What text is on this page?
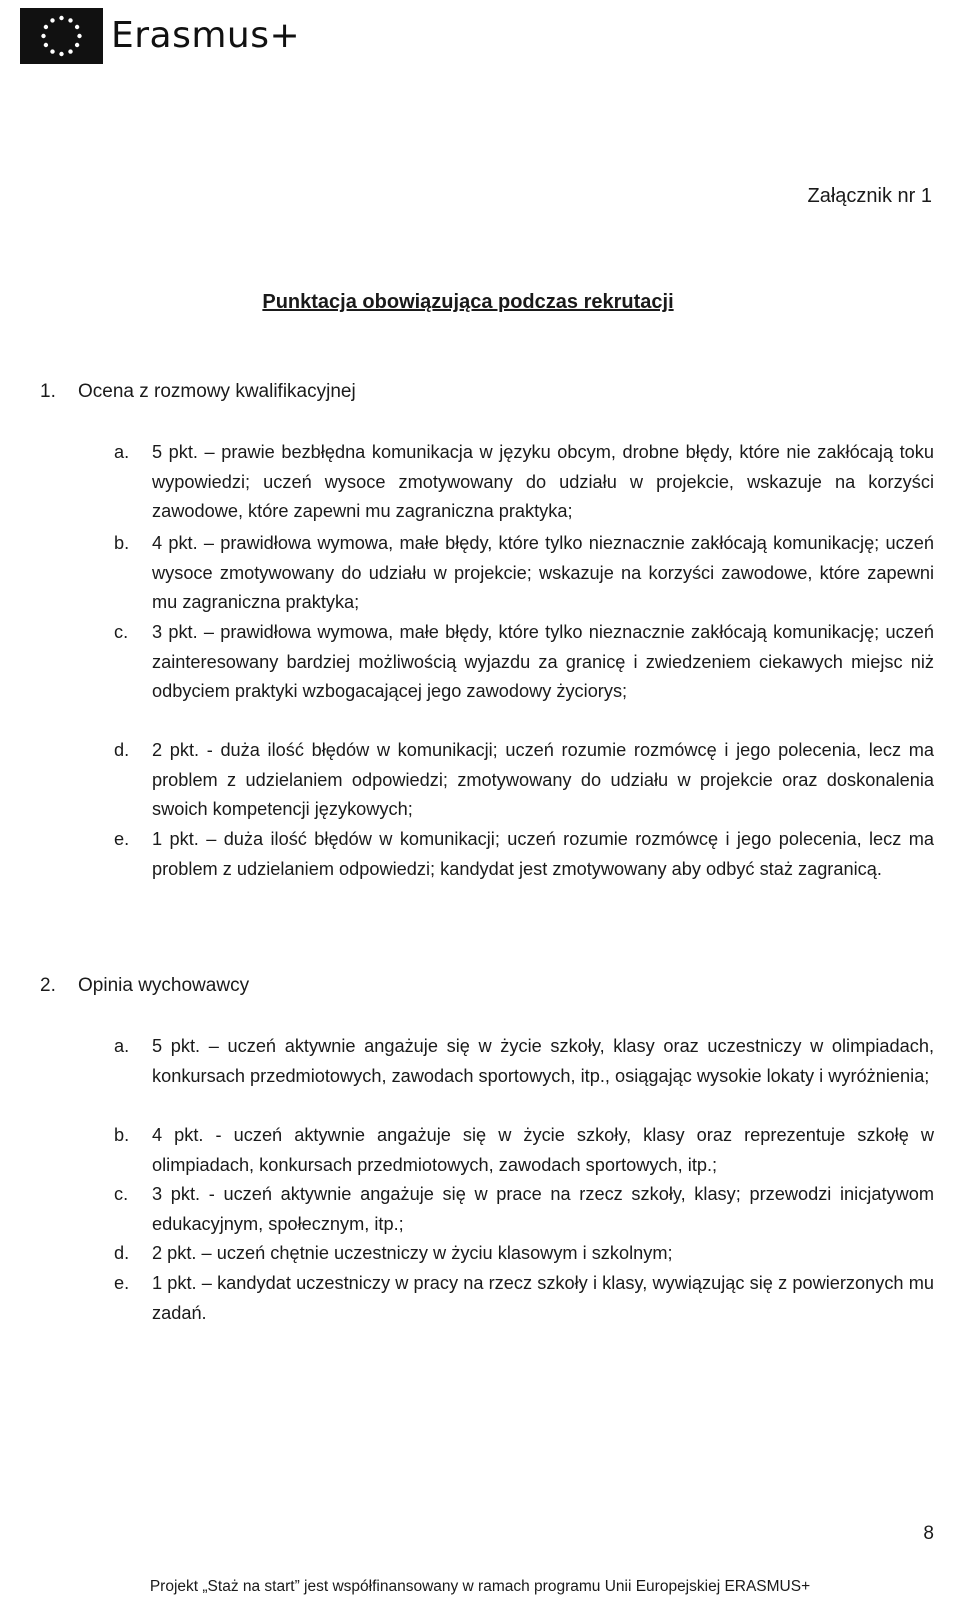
Erasmus+
Załącznik nr 1
Punktacja obowiązująca podczas rekrutacji
1. Ocena z rozmowy kwalifikacyjnej
a.	5 pkt. – prawie bezbłędna komunikacja w języku obcym, drobne błędy, które nie zakłócają toku wypowiedzi; uczeń wysoce zmotywowany do udziału w projekcie, wskazuje na korzyści zawodowe, które zapewni mu zagraniczna praktyka;
b.	4 pkt. – prawidłowa wymowa, małe błędy, które tylko nieznacznie zakłócają komunikację; uczeń wysoce zmotywowany do udziału w projekcie; wskazuje na korzyści zawodowe, które zapewni mu zagraniczna praktyka;
c.	3 pkt. – prawidłowa wymowa, małe błędy, które tylko nieznacznie zakłócają komunikację; uczeń zainteresowany bardziej możliwością wyjazdu za granicę i zwiedzeniem ciekawych miejsc niż odbyciem praktyki wzbogacającej jego zawodowy życiorys;
d.	2 pkt. - duża ilość błędów w komunikacji; uczeń rozumie rozmówcę i jego polecenia, lecz ma problem z udzielaniem odpowiedzi; zmotywowany do udziału w projekcie oraz doskonalenia swoich kompetencji językowych;
e.	1 pkt. – duża ilość błędów w komunikacji; uczeń rozumie rozmówcę i jego polecenia, lecz ma problem z udzielaniem odpowiedzi; kandydat jest zmotywowany aby odbyć staż zagranicą.
2. Opinia wychowawcy
a.	5 pkt. – uczeń aktywnie angażuje się w życie szkoły, klasy oraz uczestniczy w olimpiadach, konkursach przedmiotowych, zawodach sportowych, itp., osiągając wysokie lokaty i wyróżnienia;
b.	4 pkt. - uczeń aktywnie angażuje się w życie szkoły, klasy oraz reprezentuje szkołę w olimpiadach, konkursach przedmiotowych, zawodach sportowych, itp.;
c.	3 pkt. - uczeń aktywnie angażuje się w prace na rzecz szkoły, klasy; przewodzi inicjatywom edukacyjnym, społecznym, itp.;
d.	2 pkt. – uczeń chętnie uczestniczy w życiu klasowym i szkolnym;
e.	1 pkt. – kandydat uczestniczy w pracy na rzecz szkoły i klasy, wywiązując się z powierzonych mu zadań.
8
Projekt „Staż na start” jest współfinansowany w ramach programu Unii Europejskiej ERASMUS+
